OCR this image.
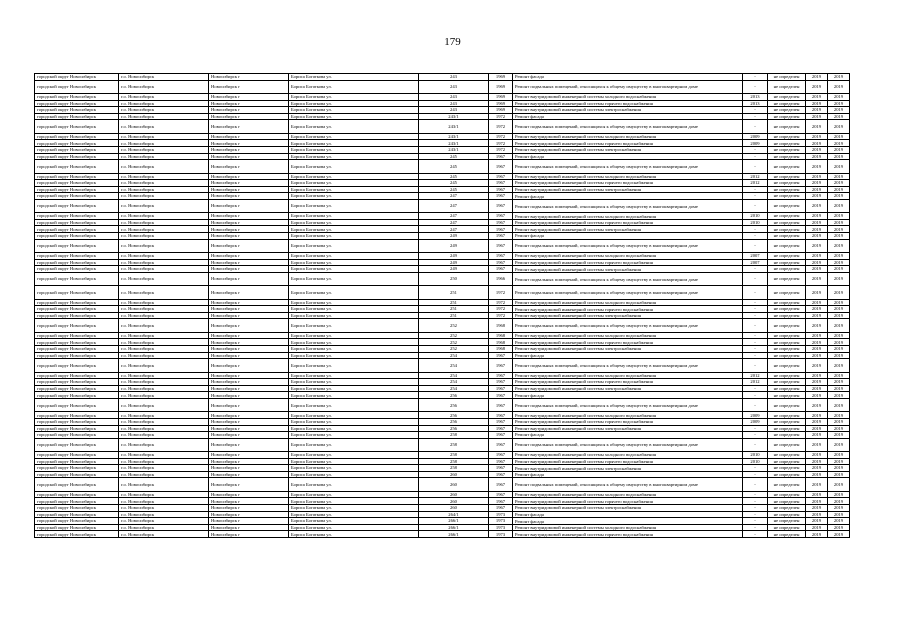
179
городской округ Новосибирск	г.о. Новосибирск	Новосибирск г	Бориса Богаткова ул.	243	1969	Ремонт фасада	-	не определен	2019	2019
городской округ Новосибирск	г.о. Новосибирск	Новосибирск г	Бориса Богаткова ул.	243	1969	Ремонт подвальных помещений, относящихся к общему имуществу в многоквартирном доме	-	не определен	2019	2019
городской округ Новосибирск	г.о. Новосибирск	Новосибирск г	Бориса Богаткова ул.	243	1969	Ремонт внутридомовой инженерной системы холодного водоснабжения	2013	не определен	2019	2019
городской округ Новосибирск	г.о. Новосибирск	Новосибирск г	Бориса Богаткова ул.	243	1969	Ремонт внутридомовой инженерной системы горячего водоснабжения	2013	не определен	2019	2019
городской округ Новосибирск	г.о. Новосибирск	Новосибирск г	Бориса Богаткова ул.	243	1969	Ремонт внутридомовой инженерной системы электроснабжения	-	не определен	2019	2019
городской округ Новосибирск	г.о. Новосибирск	Новосибирск г	Бориса Богаткова ул.	243/1	1972	Ремонт фасада	-	не определен	2019	2019
городской округ Новосибирск	г.о. Новосибирск	Новосибирск г	Бориса Богаткова ул.	243/1	1972	Ремонт подвальных помещений, относящихся к общему имуществу в многоквартирном доме	-	не определен	2019	2019
городской округ Новосибирск	г.о. Новосибирск	Новосибирск г	Бориса Богаткова ул.	243/1	1972	Ремонт внутридомовой инженерной системы холодного водоснабжения	2009	не определен	2019	2019
городской округ Новосибирск	г.о. Новосибирск	Новосибирск г	Бориса Богаткова ул.	243/1	1972	Ремонт внутридомовой инженерной системы горячего водоснабжения	2009	не определен	2019	2019
городской округ Новосибирск	г.о. Новосибирск	Новосибирск г	Бориса Богаткова ул.	243/1	1972	Ремонт внутридомовой инженерной системы электроснабжения	-	не определен	2019	2019
городской округ Новосибирск	г.о. Новосибирск	Новосибирск г	Бориса Богаткова ул.	245	1967	Ремонт фасада	-	не определен	2019	2019
городской округ Новосибирск	г.о. Новосибирск	Новосибирск г	Бориса Богаткова ул.	245	1967	Ремонт подвальных помещений, относящихся к общему имуществу в многоквартирном доме	-	не определен	2019	2019
городской округ Новосибирск	г.о. Новосибирск	Новосибирск г	Бориса Богаткова ул.	245	1967	Ремонт внутридомовой инженерной системы холодного водоснабжения	2012	не определен	2019	2019
городской округ Новосибирск	г.о. Новосибирск	Новосибирск г	Бориса Богаткова ул.	245	1967	Ремонт внутридомовой инженерной системы горячего водоснабжения	2012	не определен	2019	2019
городской округ Новосибирск	г.о. Новосибирск	Новосибирск г	Бориса Богаткова ул.	245	1967	Ремонт внутридомовой инженерной системы электроснабжения	-	не определен	2019	2019
городской округ Новосибирск	г.о. Новосибирск	Новосибирск г	Бориса Богаткова ул.	247	1967	Ремонт фасада	-	не определен	2019	2019
городской округ Новосибирск	г.о. Новосибирск	Новосибирск г	Бориса Богаткова ул.	247	1967	Ремонт подвальных помещений, относящихся к общему имуществу в многоквартирном доме	-	не определен	2019	2019
городской округ Новосибирск	г.о. Новосибирск	Новосибирск г	Бориса Богаткова ул.	247	1967	Ремонт внутридомовой инженерной системы холодного водоснабжения	2010	не определен	2019	2019
городской округ Новосибирск	г.о. Новосибирск	Новосибирск г	Бориса Богаткова ул.	247	1967	Ремонт внутридомовой инженерной системы горячего водоснабжения	2010	не определен	2019	2019
городской округ Новосибирск	г.о. Новосибирск	Новосибирск г	Бориса Богаткова ул.	247	1967	Ремонт внутридомовой инженерной системы электроснабжения	-	не определен	2019	2019
городской округ Новосибирск	г.о. Новосибирск	Новосибирск г	Бориса Богаткова ул.	249	1967	Ремонт фасада	-	не определен	2019	2019
городской округ Новосибирск	г.о. Новосибирск	Новосибирск г	Бориса Богаткова ул.	249	1967	Ремонт подвальных помещений, относящихся к общему имуществу в многоквартирном доме	-	не определен	2019	2019
городской округ Новосибирск	г.о. Новосибирск	Новосибирск г	Бориса Богаткова ул.	249	1967	Ремонт внутридомовой инженерной системы холодного водоснабжения	2007	не определен	2019	2019
городской округ Новосибирск	г.о. Новосибирск	Новосибирск г	Бориса Богаткова ул.	249	1967	Ремонт внутридомовой инженерной системы горячего водоснабжения	2007	не определен	2019	2019
городской округ Новосибирск	г.о. Новосибирск	Новосибирск г	Бориса Богаткова ул.	249	1967	Ремонт внутридомовой инженерной системы электроснабжения	-	не определен	2019	2019
городской округ Новосибирск	г.о. Новосибирск	Новосибирск г	Бориса Богаткова ул.	250	1966	Ремонт подвальных помещений, относящихся к общему имуществу в многоквартирном доме	-	не определен	2019	2019
городской округ Новосибирск	г.о. Новосибирск	Новосибирск г	Бориса Богаткова ул.	251	1972	Ремонт подвальных помещений, относящихся к общему имуществу в многоквартирном доме	-	не определен	2019	2019
городской округ Новосибирск	г.о. Новосибирск	Новосибирск г	Бориса Богаткова ул.	251	1972	Ремонт внутридомовой инженерной системы холодного водоснабжения	-	не определен	2019	2019
городской округ Новосибирск	г.о. Новосибирск	Новосибирск г	Бориса Богаткова ул.	251	1972	Ремонт внутридомовой инженерной системы горячего водоснабжения	-	не определен	2019	2019
городской округ Новосибирск	г.о. Новосибирск	Новосибирск г	Бориса Богаткова ул.	251	1972	Ремонт внутридомовой инженерной системы электроснабжения	-	не определен	2019	2019
городской округ Новосибирск	г.о. Новосибирск	Новосибирск г	Бориса Богаткова ул.	252	1968	Ремонт подвальных помещений, относящихся к общему имуществу в многоквартирном доме	-	не определен	2019	2019
городской округ Новосибирск	г.о. Новосибирск	Новосибирск г	Бориса Богаткова ул.	252	1968	Ремонт внутридомовой инженерной системы холодного водоснабжения	-	не определен	2019	2019
городской округ Новосибирск	г.о. Новосибирск	Новосибирск г	Бориса Богаткова ул.	252	1968	Ремонт внутридомовой инженерной системы горячего водоснабжения	-	не определен	2019	2019
городской округ Новосибирск	г.о. Новосибирск	Новосибирск г	Бориса Богаткова ул.	252	1968	Ремонт внутридомовой инженерной системы электроснабжения	-	не определен	2019	2019
городской округ Новосибирск	г.о. Новосибирск	Новосибирск г	Бориса Богаткова ул.	254	1967	Ремонт фасада	-	не определен	2019	2019
городской округ Новосибирск	г.о. Новосибирск	Новосибирск г	Бориса Богаткова ул.	254	1967	Ремонт подвальных помещений, относящихся к общему имуществу в многоквартирном доме	-	не определен	2019	2019
городской округ Новосибирск	г.о. Новосибирск	Новосибирск г	Бориса Богаткова ул.	254	1967	Ремонт внутридомовой инженерной системы холодного водоснабжения	2012	не определен	2019	2019
городской округ Новосибирск	г.о. Новосибирск	Новосибирск г	Бориса Богаткова ул.	254	1967	Ремонт внутридомовой инженерной системы горячего водоснабжения	2012	не определен	2019	2019
городской округ Новосибирск	г.о. Новосибирск	Новосибирск г	Бориса Богаткова ул.	254	1967	Ремонт внутридомовой инженерной системы электроснабжения	-	не определен	2019	2019
городской округ Новосибирск	г.о. Новосибирск	Новосибирск г	Бориса Богаткова ул.	256	1967	Ремонт фасада	-	не определен	2019	2019
городской округ Новосибирск	г.о. Новосибирск	Новосибирск г	Бориса Богаткова ул.	256	1967	Ремонт подвальных помещений, относящихся к общему имуществу в многоквартирном доме	-	не определен	2019	2019
городской округ Новосибирск	г.о. Новосибирск	Новосибирск г	Бориса Богаткова ул.	256	1967	Ремонт внутридомовой инженерной системы холодного водоснабжения	2009	не определен	2019	2019
городской округ Новосибирск	г.о. Новосибирск	Новосибирск г	Бориса Богаткова ул.	256	1967	Ремонт внутридомовой инженерной системы горячего водоснабжения	2009	не определен	2019	2019
городской округ Новосибирск	г.о. Новосибирск	Новосибирск г	Бориса Богаткова ул.	256	1967	Ремонт внутридомовой инженерной системы электроснабжения	-	не определен	2019	2019
городской округ Новосибирск	г.о. Новосибирск	Новосибирск г	Бориса Богаткова ул.	258	1967	Ремонт фасада	-	не определен	2019	2019
городской округ Новосибирск	г.о. Новосибирск	Новосибирск г	Бориса Богаткова ул.	258	1967	Ремонт подвальных помещений, относящихся к общему имуществу в многоквартирном доме	-	не определен	2019	2019
городской округ Новосибирск	г.о. Новосибирск	Новосибирск г	Бориса Богаткова ул.	258	1967	Ремонт внутридомовой инженерной системы холодного водоснабжения	2010	не определен	2019	2019
городской округ Новосибирск	г.о. Новосибирск	Новосибирск г	Бориса Богаткова ул.	258	1967	Ремонт внутридомовой инженерной системы горячего водоснабжения	2010	не определен	2019	2019
городской округ Новосибирск	г.о. Новосибирск	Новосибирск г	Бориса Богаткова ул.	258	1967	Ремонт внутридомовой инженерной системы электроснабжения	-	не определен	2019	2019
городской округ Новосибирск	г.о. Новосибирск	Новосибирск г	Бориса Богаткова ул.	260	1967	Ремонт фасада	-	не определен	2019	2019
городской округ Новосибирск	г.о. Новосибирск	Новосибирск г	Бориса Богаткова ул.	260	1967	Ремонт подвальных помещений, относящихся к общему имуществу в многоквартирном доме	-	не определен	2019	2019
городской округ Новосибирск	г.о. Новосибирск	Новосибирск г	Бориса Богаткова ул.	260	1967	Ремонт внутридомовой инженерной системы холодного водоснабжения	-	не определен	2019	2019
городской округ Новосибирск	г.о. Новосибирск	Новосибирск г	Бориса Богаткова ул.	260	1967	Ремонт внутридомовой инженерной системы горячего водоснабжения	-	не определен	2019	2019
городской округ Новосибирск	г.о. Новосибирск	Новосибирск г	Бориса Богаткова ул.	260	1967	Ремонт внутридомовой инженерной системы электроснабжения	-	не определен	2019	2019
городской округ Новосибирск	г.о. Новосибирск	Новосибирск г	Бориса Богаткова ул.	264/1	1973	Ремонт фасада	-	не определен	2019	2019
городской округ Новосибирск	г.о. Новосибирск	Новосибирск г	Бориса Богаткова ул.	266/1	1973	Ремонт фасада	-	не определен	2019	2019
городской округ Новосибирск	г.о. Новосибирск	Новосибирск г	Бориса Богаткова ул.	266/1	1973	Ремонт внутридомовой инженерной системы холодного водоснабжения	-	не определен	2019	2019
городской округ Новосибирск	г.о. Новосибирск	Новосибирск г	Бориса Богаткова ул.	266/1	1973	Ремонт внутридомовой инженерной системы горячего водоснабжения	-	не определен	2019	2019
